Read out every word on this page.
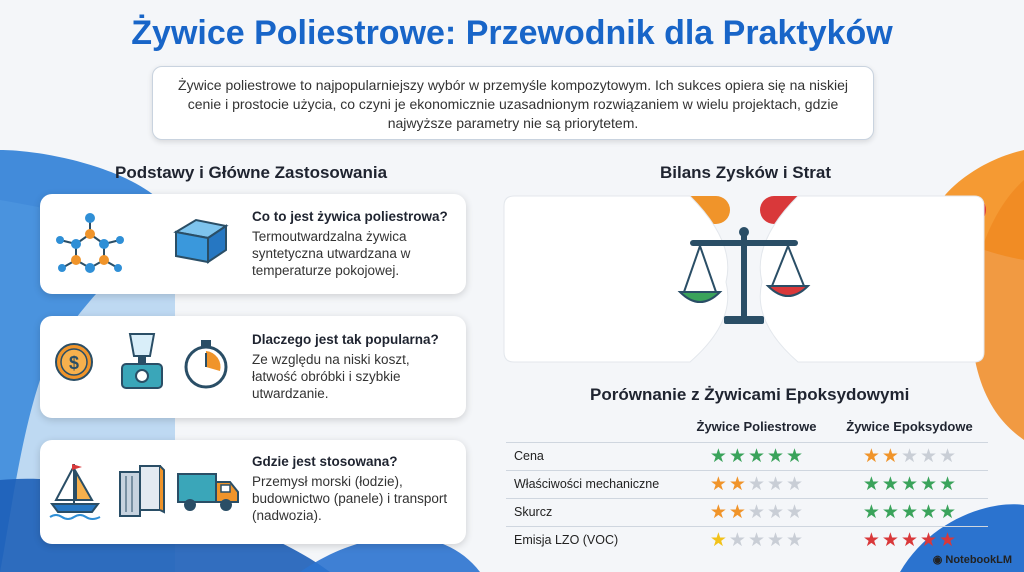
Żywice Poliestrowe: Przewodnik dla Praktyków
Żywice poliestrowe to najpopularniejszy wybór w przemyśle kompozytowym. Ich sukces opiera się na niskiej cenie i prostocie użycia, co czyni je ekonomicznie uzasadnionym rozwiązaniem w wielu projektach, gdzie najwyższe parametry nie są priorytetem.
Podstawy i Główne Zastosowania
Co to jest żywica poliestrowa?

Termoutwardzalna żywica syntetyczna utwardzana w temperaturze pokojowej.

$
Dlaczego jest tak popularna?

Ze względu na niski koszt, łatwość obróbki i szybkie utwardzanie.

Gdzie jest stosowana?

Przemysł morski (łodzie), budownictwo (panele) i transport (nadwozia).

Bilans Zysków i Strat
Porównanie z Żywicami Epoksydowymi
	Żywice Poliestrowe	Żywice Epoksydowe
Cena	★ ★ ★ ★ ★	★ ★ ★ ★ ★
Właściwości mechaniczne	★ ★ ★ ★ ★	★ ★ ★ ★ ★
Skurcz	★ ★ ★ ★ ★	★ ★ ★ ★ ★
Emisja LZO (VOC)	★ ★ ★ ★ ★	★ ★ ★ ★ ★
◉ NotebookLM
